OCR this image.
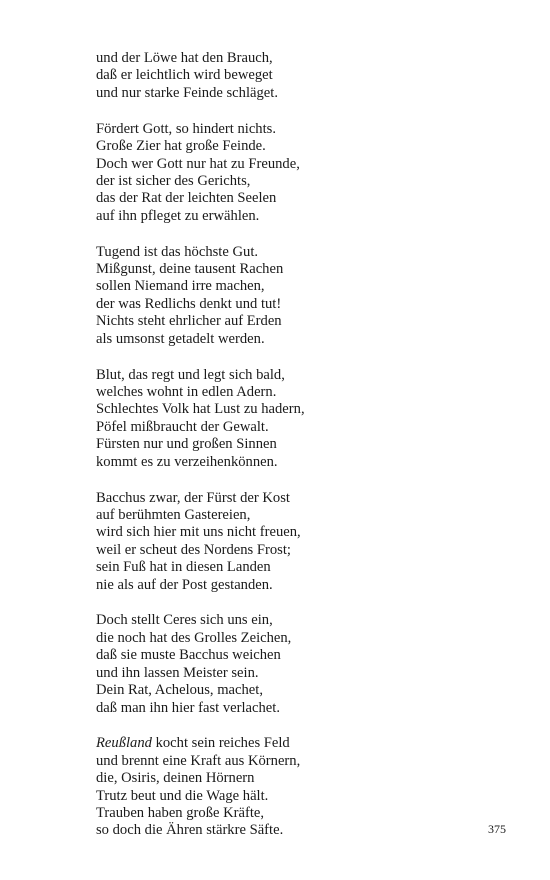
und der Löwe hat den Brauch,
daß er leichtlich wird beweget
und nur starke Feinde schläget.
Fördert Gott, so hindert nichts.
Große Zier hat große Feinde.
Doch wer Gott nur hat zu Freunde,
der ist sicher des Gerichts,
das der Rat der leichten Seelen
auf ihn pfleget zu erwählen.
Tugend ist das höchste Gut.
Mißgunst, deine tausent Rachen
sollen Niemand irre machen,
der was Redlichs denkt und tut!
Nichts steht ehrlicher auf Erden
als umsonst getadelt werden.
Blut, das regt und legt sich bald,
welches wohnt in edlen Adern.
Schlechtes Volk hat Lust zu hadern,
Pöfel mißbraucht der Gewalt.
Fürsten nur und großen Sinnen
kommt es zu verzeihenkönnen.
Bacchus zwar, der Fürst der Kost
auf berühmten Gastereien,
wird sich hier mit uns nicht freuen,
weil er scheut des Nordens Frost;
sein Fuß hat in diesen Landen
nie als auf der Post gestanden.
Doch stellt Ceres sich uns ein,
die noch hat des Grolles Zeichen,
daß sie muste Bacchus weichen
und ihn lassen Meister sein.
Dein Rat, Achelous, machet,
daß man ihn hier fast verlachet.
Reußland kocht sein reiches Feld
und brennt eine Kraft aus Körnern,
die, Osiris, deinen Hörnern
Trutz beut und die Wage hält.
Trauben haben große Kräfte,
so doch die Ähren stärkre Säfte.	375
